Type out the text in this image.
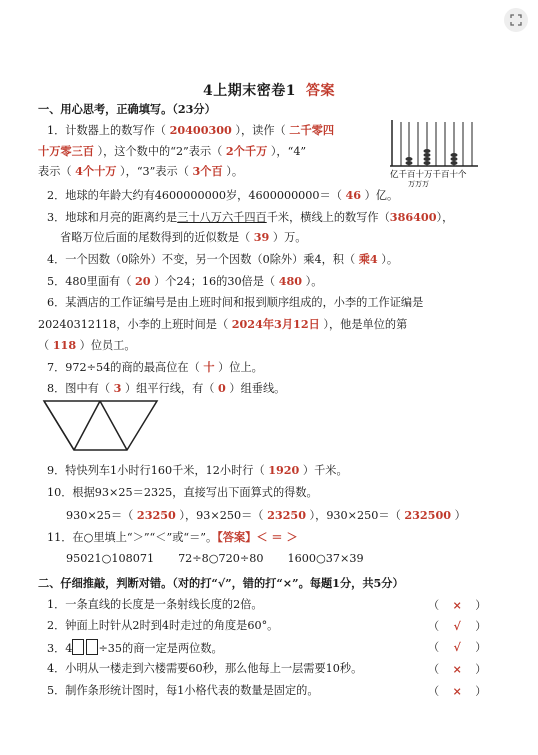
4上期末密卷1 答案
一、用心思考，正确填写。（23分）
1．计数器上的数写作（ 20400300 ），读作（ 二千零四
十万零三百 ），这个数中的“2”表示（ 2个千万 ），“4”
表示（ 4个十万 ），“3”表示（ 3个百 ）。	亿千百十万千百十个
万万万
2．地球的年龄大约有4600000000岁，4600000000＝（ 46 ）亿。
3．地球和月亮的距离约是三十八万六千四百千米，横线上的数写作（386400），
省略万位后面的尾数得到的近似数是（ 39 ）万。
4．一个因数（0除外）不变，另一个因数（0除外）乘4，积（ 乘4 ）。
5．480里面有（ 20 ）个24；16的30倍是（ 480 ）。
6．某酒店的工作证编号是由上班时间和报到顺序组成的，小李的工作证编是
20240312118，小李的上班时间是（ 2024年3月12日 ），他是单位的第
（ 118 ）位员工。
7．972÷54的商的最高位在（ 十 ）位上。
8．图中有（ 3 ）组平行线，有（ 0 ）组垂线。
9．特快列车1小时行160千米，12小时行（ 1920 ）千米。
10．根据93×25＝2325，直接写出下面算式的得数。
930×25＝（ 23250 ），93×250＝（ 23250 ），930×250＝（ 232500 ）
11．在○里填上“＞”“＜”或“＝”。【答案】＜ ＝ ＞
95021○108071 72÷8○720÷80 1600○37×39
二、仔细推敲，判断对错。（对的打“√”，错的打“×”。每题1分，共5分）
1．一条直线的长度是一条射线长度的2倍。	（ × ）
2．钟面上时针从2时到4时走过的角度是60°。	（ √ ）
3．4 ÷35的商一定是两位数。	（ √ ）
4．小明从一楼走到六楼需要60秒，那么他每上一层需要10秒。	（ × ）
5．制作条形统计图时，每1小格代表的数量是固定的。	（ × ）
